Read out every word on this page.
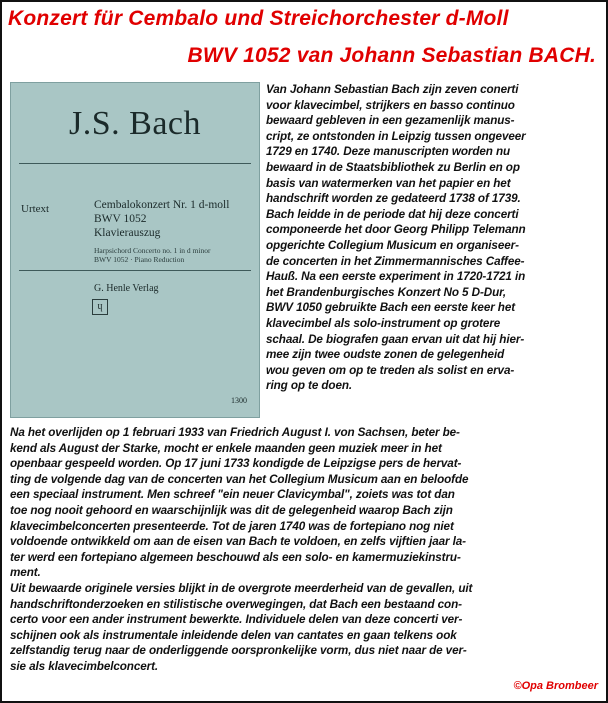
Konzert für Cembalo und Streichorchester d-Moll
BWV 1052 van Johann Sebastian BACH.
J.S. Bach
Urtext	Cembalokonzert Nr. 1 d-moll
BWV 1052
Klavierauszug
Harpsichord Concerto no. 1 in d minor
BWV 1052 · Piano Reduction
G. Henle Verlag
ɥ
1300
Van Johann Sebastian Bach zijn zeven conerti
voor klavecimbel, strijkers en basso continuo
bewaard gebleven in een gezamenlijk manus-
cript, ze ontstonden in Leipzig tussen ongeveer
1729 en 1740. Deze manuscripten worden nu
bewaard in de Staatsbibliothek zu Berlin en op
basis van watermerken van het papier en het
handschrift worden ze gedateerd 1738 of 1739.
Bach leidde in de periode dat hij deze concerti
componeerde het door Georg Philipp Telemann
opgerichte Collegium Musicum en organiseer-
de concerten in het Zimmermannisches Caffee-
Hauß. Na een eerste experiment in 1720-1721 in
het Brandenburgisches Konzert No 5 D-Dur,
BWV 1050 gebruikte Bach een eerste keer het
klavecimbel als solo-instrument op grotere
schaal. De biografen gaan ervan uit dat hij hier-
mee zijn twee oudste zonen de gelegenheid
wou geven om op te treden als solist en erva-
ring op te doen.
Na het overlijden op 1 februari 1933 van Friedrich August I. von Sachsen, beter be-
kend als August der Starke, mocht er enkele maanden geen muziek meer in het
openbaar gespeeld worden. Op 17 juni 1733 kondigde de Leipzigse pers de hervat-
ting de volgende dag van de concerten van het Collegium Musicum aan en beloofde
een speciaal instrument. Men schreef "ein neuer Clavicymbal", zoiets was tot dan
toe nog nooit gehoord en waarschijnlijk was dit de gelegenheid waarop Bach zijn
klavecimbelconcerten presenteerde. Tot de jaren 1740 was de fortepiano nog niet
voldoende ontwikkeld om aan de eisen van Bach te voldoen, en zelfs vijftien jaar la-
ter werd een fortepiano algemeen beschouwd als een solo- en kamermuziekinstru-
ment.
Uit bewaarde originele versies blijkt in de overgrote meerderheid van de gevallen, uit
handschriftonderzoeken en stilistische overwegingen, dat Bach een bestaand con-
certo voor een ander instrument bewerkte. Individuele delen van deze concerti ver-
schijnen ook als instrumentale inleidende delen van cantates en gaan telkens ook
zelfstandig terug naar de onderliggende oorspronkelijke vorm, dus niet naar de ver-
sie als klavecimbelconcert.
©Opa Brombeer
